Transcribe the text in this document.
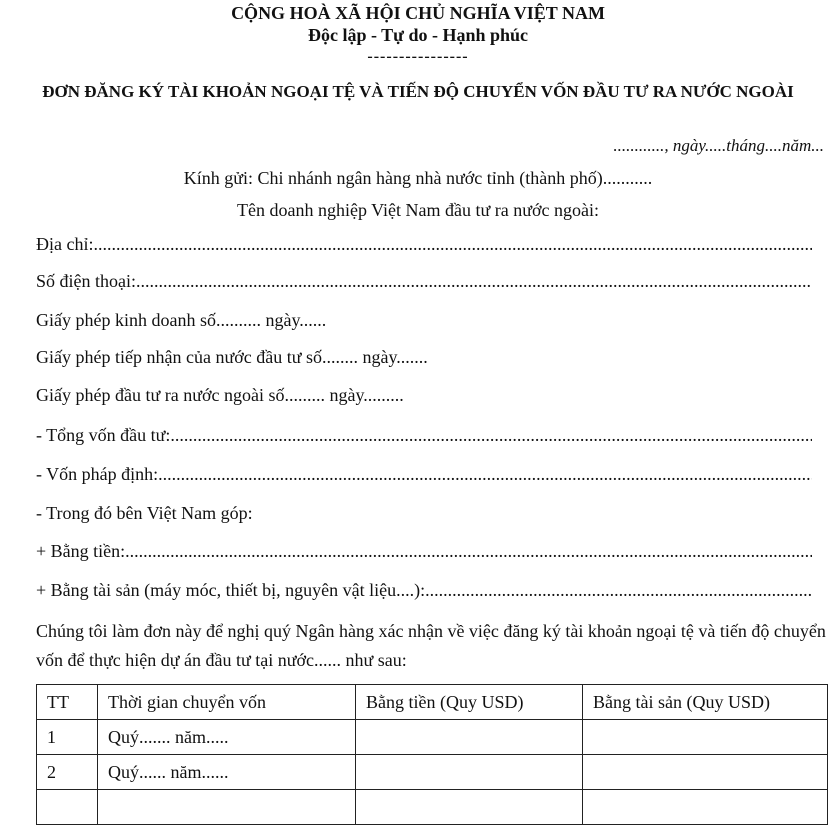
CỘNG HOÀ XÃ HỘI CHỦ NGHĨA VIỆT NAM
Độc lập - Tự do - Hạnh phúc
----------------
ĐƠN ĐĂNG KÝ TÀI KHOẢN NGOẠI TỆ VÀ TIẾN ĐỘ CHUYỂN VỐN ĐẦU TƯ RA NƯỚC NGOÀI
............, ngày.....tháng....năm...
Kính gửi: Chi nhánh ngân hàng nhà nước tỉnh (thành phố)...........
Tên doanh nghiệp Việt Nam đầu tư ra nước ngoài:
Địa chỉ:
.....
Số điện thoại:
.....
Giấy phép kinh doanh số.......... ngày......
Giấy phép tiếp nhận của nước đầu tư số........ ngày.......
Giấy phép đầu tư ra nước ngoài số......... ngày.........
- Tổng vốn đầu tư:
.....
- Vốn pháp định:
.....
- Trong đó bên Việt Nam góp:
+ Bằng tiền:
.....
+ Bằng tài sản (máy móc, thiết bị, nguyên vật liệu....):
.....
Chúng tôi làm đơn này để nghị quý Ngân hàng xác nhận về việc đăng ký tài khoản ngoại tệ và tiến độ chuyển vốn để thực hiện dự án đầu tư tại nước...... như sau:
TT	Thời gian chuyển vốn	Bằng tiền (Quy USD)	Bằng tài sản (Quy USD)
1	Quý....... năm.....		
2	Quý...... năm......		
